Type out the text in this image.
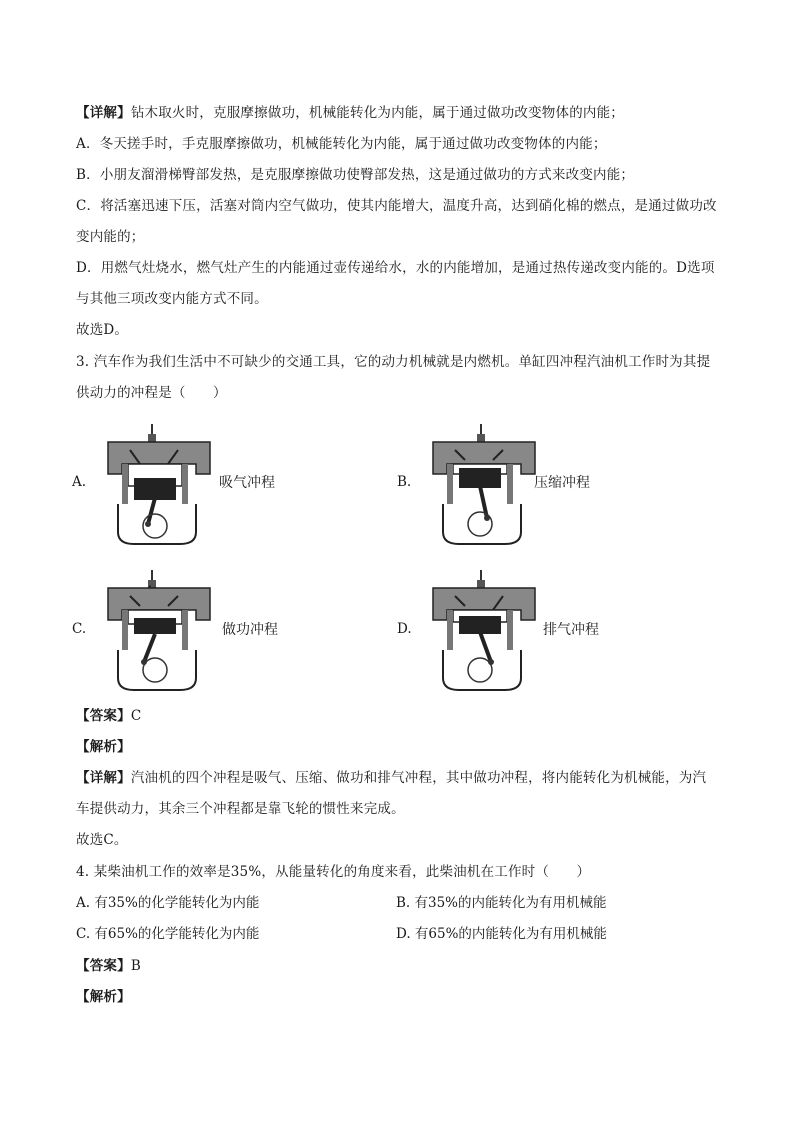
【详解】钻木取火时，克服摩擦做功，机械能转化为内能，属于通过做功改变物体的内能；
A．冬天搓手时，手克服摩擦做功，机械能转化为内能，属于通过做功改变物体的内能；
B．小朋友溜滑梯臀部发热，是克服摩擦做功使臀部发热，这是通过做功的方式来改变内能；
C．将活塞迅速下压，活塞对筒内空气做功，使其内能增大，温度升高，达到硝化棉的燃点，是通过做功改
变内能的；
D．用燃气灶烧水，燃气灶产生的内能通过壶传递给水，水的内能增加，是通过热传递改变内能的。D选项
与其他三项改变内能方式不同。
故选D。
3. 汽车作为我们生活中不可缺少的交通工具，它的动力机械就是内燃机。单缸四冲程汽油机工作时为其提
供动力的冲程是（　　）
A.	吸气冲程	B.	压缩冲程
C.	做功冲程	D.	排气冲程
【答案】C
【解析】
【详解】汽油机的四个冲程是吸气、压缩、做功和排气冲程，其中做功冲程，将内能转化为机械能，为汽
车提供动力，其余三个冲程都是靠飞轮的惯性来完成。
故选C。
4. 某柴油机工作的效率是35%，从能量转化的角度来看，此柴油机在工作时（　　）
A. 有35%的化学能转化为内能	B. 有35%的内能转化为有用机械能
C. 有65%的化学能转化为内能	D. 有65%的内能转化为有用机械能
【答案】B
【解析】
